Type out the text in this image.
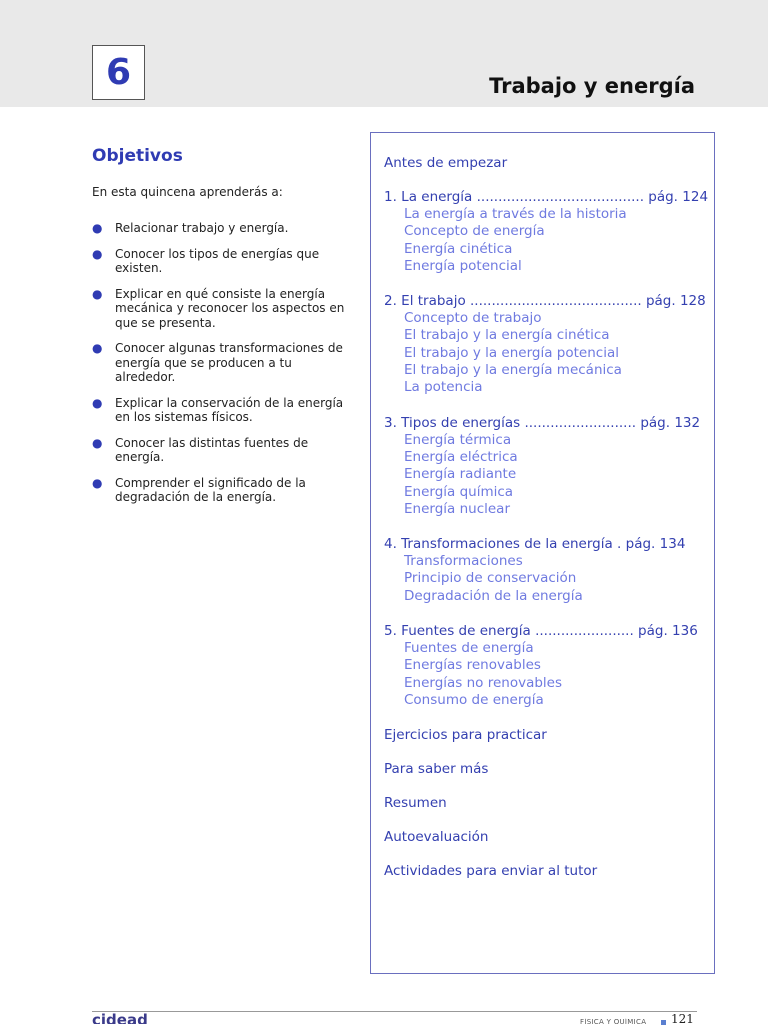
6	Trabajo y energía
Objetivos
En esta quincena aprenderás a:
● Relacionar trabajo y energía.
● Conocer los tipos de energías que existen.
● Explicar en qué consiste la energía mecánica y reconocer los aspectos en que se presenta.
● Conocer algunas transformaciones de energía que se producen a tu alrededor.
● Explicar la conservación de la energía en los sistemas físicos.
● Conocer las distintas fuentes de energía.
● Comprender el significado de la degradación de la energía.
Antes de empezar
1. La energía ....................................... pág. 124
La energía a través de la historia
Concepto de energía
Energía cinética
Energía potencial
2. El trabajo ........................................ pág. 128
Concepto de trabajo
El trabajo y la energía cinética
El trabajo y la energía potencial
El trabajo y la energía mecánica
La potencia
3. Tipos de energías .......................... pág. 132
Energía térmica
Energía eléctrica
Energía radiante
Energía química
Energía nuclear
4. Transformaciones de la energía . pág. 134
Transformaciones
Principio de conservación
Degradación de la energía
5. Fuentes de energía ....................... pág. 136
Fuentes de energía
Energías renovables
Energías no renovables
Consumo de energía
Ejercicios para practicar
Para saber más
Resumen
Autoevaluación
Actividades para enviar al tutor
cidead	FÍSICA Y QUÍMICA 121
